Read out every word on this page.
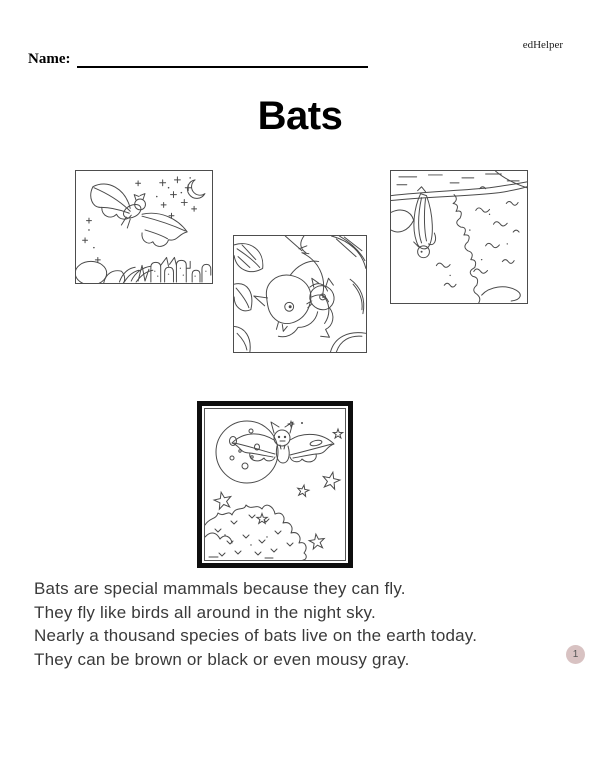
edHelper
Name:
Bats

Bats are special mammals because they can fly.

They fly like birds all around in the night sky.

Nearly a thousand species of bats live on the earth today.

They can be brown or black or even mousy gray.	1
